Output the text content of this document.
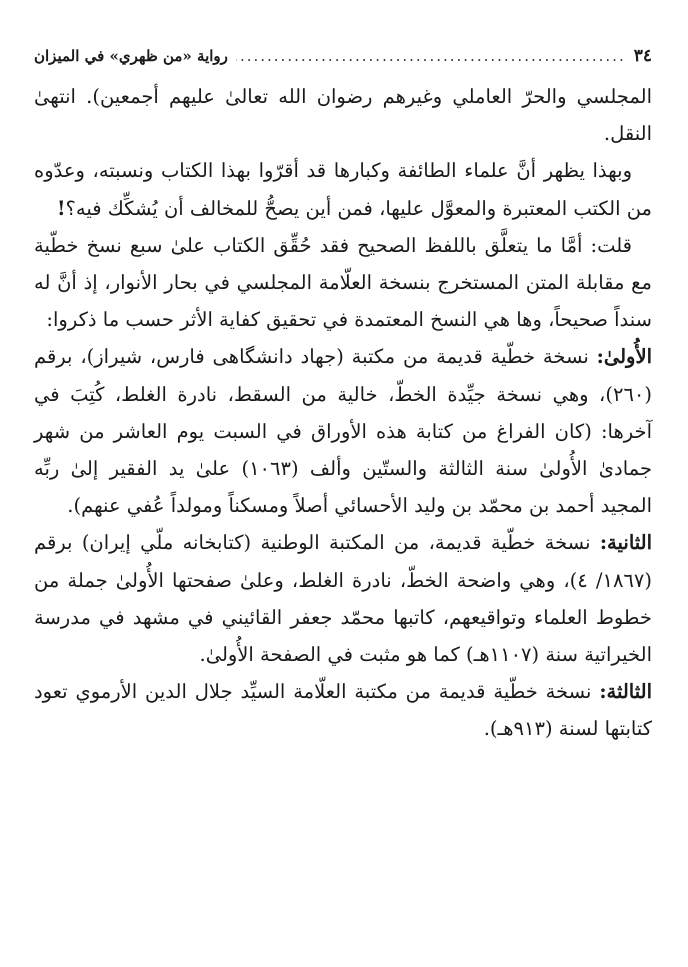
٣٤
.....
رواية «من ظهري» في الميزان

المجلسي والحرّ العاملي وغيرهم رضوان الله تعالىٰ عليهم أجمعين). انتهىٰ النقل.

وبهذا يظهر أنَّ علماء الطائفة وكبارها قد أقرّوا بهذا الكتاب ونسبته، وعدّوه من الكتب المعتبرة والمعوَّل عليها، فمن أين يصحُّ للمخالف أن يُشكِّك فيه؟!

قلت: أمَّا ما يتعلَّق باللفظ الصحيح فقد حُقِّق الكتاب علىٰ سبع نسخ خطّية مع مقابلة المتن المستخرج بنسخة العلّامة المجلسي في بحار الأنوار، إذ أنَّ له سنداً صحيحاً، وها هي النسخ المعتمدة في تحقيق كفاية الأثر حسب ما ذكروا:

الأُولىٰ: نسخة خطّية قديمة من مكتبة (جهاد دانشگاهى فارس، شيراز)، برقم (٢٦٠)، وهي نسخة جيِّدة الخطّ، خالية من السقط، نادرة الغلط، كُتِبَ في آخرها: (كان الفراغ من كتابة هذه الأوراق في السبت يوم العاشر من شهر جمادىٰ الأُولىٰ سنة الثالثة والستّين وألف (١٠٦٣) علىٰ يد الفقير إلىٰ ربِّه المجيد أحمد بن محمّد بن وليد الأحسائي أصلاً ومسكناً ومولداً عُفي عنهم).

الثانية: نسخة خطّية قديمة، من المكتبة الوطنية (كتابخانه ملّي إيران) برقم (١٨٦٧/ ٤)، وهي واضحة الخطّ، نادرة الغلط، وعلىٰ صفحتها الأُولىٰ جملة من خطوط العلماء وتواقيعهم، كاتبها محمّد جعفر القائيني في مشهد في مدرسة الخيراتية سنة (١١٠٧هـ) كما هو مثبت في الصفحة الأُولىٰ.

الثالثة: نسخة خطّية قديمة من مكتبة العلّامة السيِّد جلال الدين الأرموي تعود كتابتها لسنة (٩١٣هـ).
